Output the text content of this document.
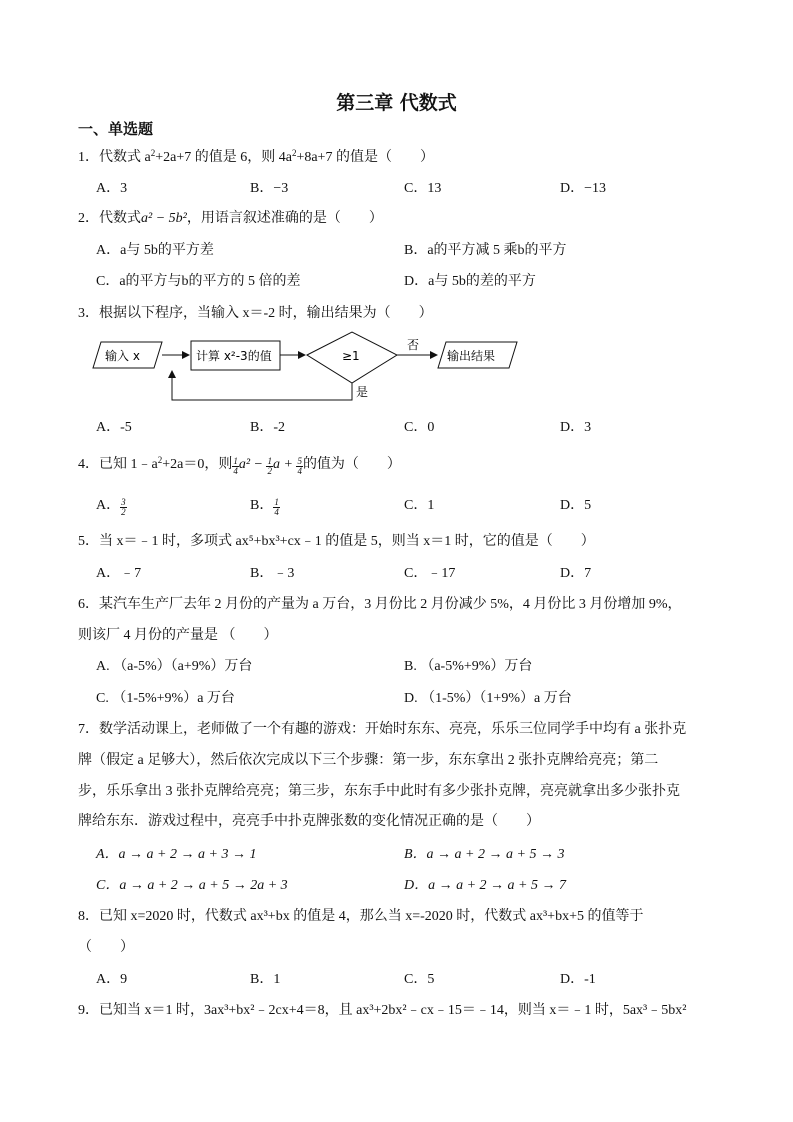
第三章 代数式
一、单选题
1．代数式 $a^2+2a+7$ 的值是 6，则 $4a^2+8a+7$ 的值是（　　）
A．3	B．−3	C．13	D．−13
2．代数式a² − 5b²，用语言叙述准确的是（　　）
A．a与 5b的平方差	B．a的平方减 5 乘b的平方
C．a的平方与b的平方的 5 倍的差	D．a与 5b的差的平方
3．根据以下程序，当输入 x＝-2 时，输出结果为（　　）
输入 x	计算 x²-3的值	≥1
否
输出结果
是
A．-5	B．-2	C．0	D．3
4．已知 $1﹣a^2+2a=0$，则 $\frac{1}{4} a^2 - \frac{1}{2}$ $a + \frac{5}{4}$ 的值为（　　）
A． $\frac{3}{2}$	B． $\frac{1}{4}$	C．1	D．5
5．当 x＝﹣1 时，多项式 ax⁵+bx³+cx﹣1 的值是 5，则当 x＝1 时，它的值是（　　）
A．﹣7	B．﹣3	C．﹣17	D．7
6．某汽车生产厂去年 2 月份的产量为 a 万台，3 月份比 2 月份减少 5%，4 月份比 3 月份增加 9%，
则该厂 4 月份的产量是 （　　）
A. （a-5%）（a+9%）万台	B. （a-5%+9%）万台
C. （1-5%+9%）a 万台	D. （1-5%）（1+9%）a 万台
7．数学活动课上，老师做了一个有趣的游戏：开始时东东、亮亮，乐乐三位同学手中均有 a 张扑克
牌（假定 a 足够大），然后依次完成以下三个步骤：第一步，东东拿出 2 张扑克牌给亮亮；第二
步，乐乐拿出 3 张扑克牌给亮亮；第三步，东东手中此时有多少张扑克牌，亮亮就拿出多少张扑克
牌给东东．游戏过程中，亮亮手中扑克牌张数的变化情况正确的是（　　）
A．a → a + 2 → a + 3 → 1	B．a → a + 2 → a + 5 → 3
C．a → a + 2 → a + 5 → 2a + 3	D．a → a + 2 → a + 5 → 7
8．已知 x=2020 时，代数式 ax³+bx 的值是 4，那么当 x=-2020 时，代数式 ax³+bx+5 的值等于
（　　）
A．9	B．1	C．5	D．-1
9．已知当 x＝1 时，3ax³+bx²﹣2cx+4＝8，且 ax³+2bx²﹣cx﹣15＝﹣14，则当 x＝﹣1 时，5ax³﹣5bx²
